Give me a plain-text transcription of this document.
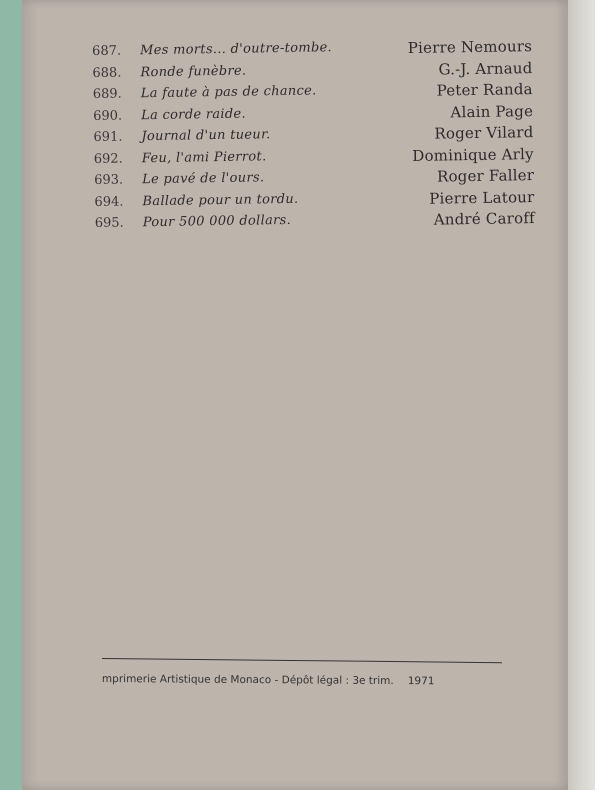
687. Mes morts... d'outre-tombe.	Pierre Nemours
688. Ronde funèbre.	G.-J. Arnaud
689. La faute à pas de chance.	Peter Randa
690. La corde raide.	Alain Page
691. Journal d'un tueur.	Roger Vilard
692. Feu, l'ami Pierrot.	Dominique Arly
693. Le pavé de l'ours.	Roger Faller
694. Ballade pour un tordu.	Pierre Latour
695. Pour 500 000 dollars.	André Caroff
mprimerie Artistique de Monaco - Dépôt légal : 3e trim. 1971
